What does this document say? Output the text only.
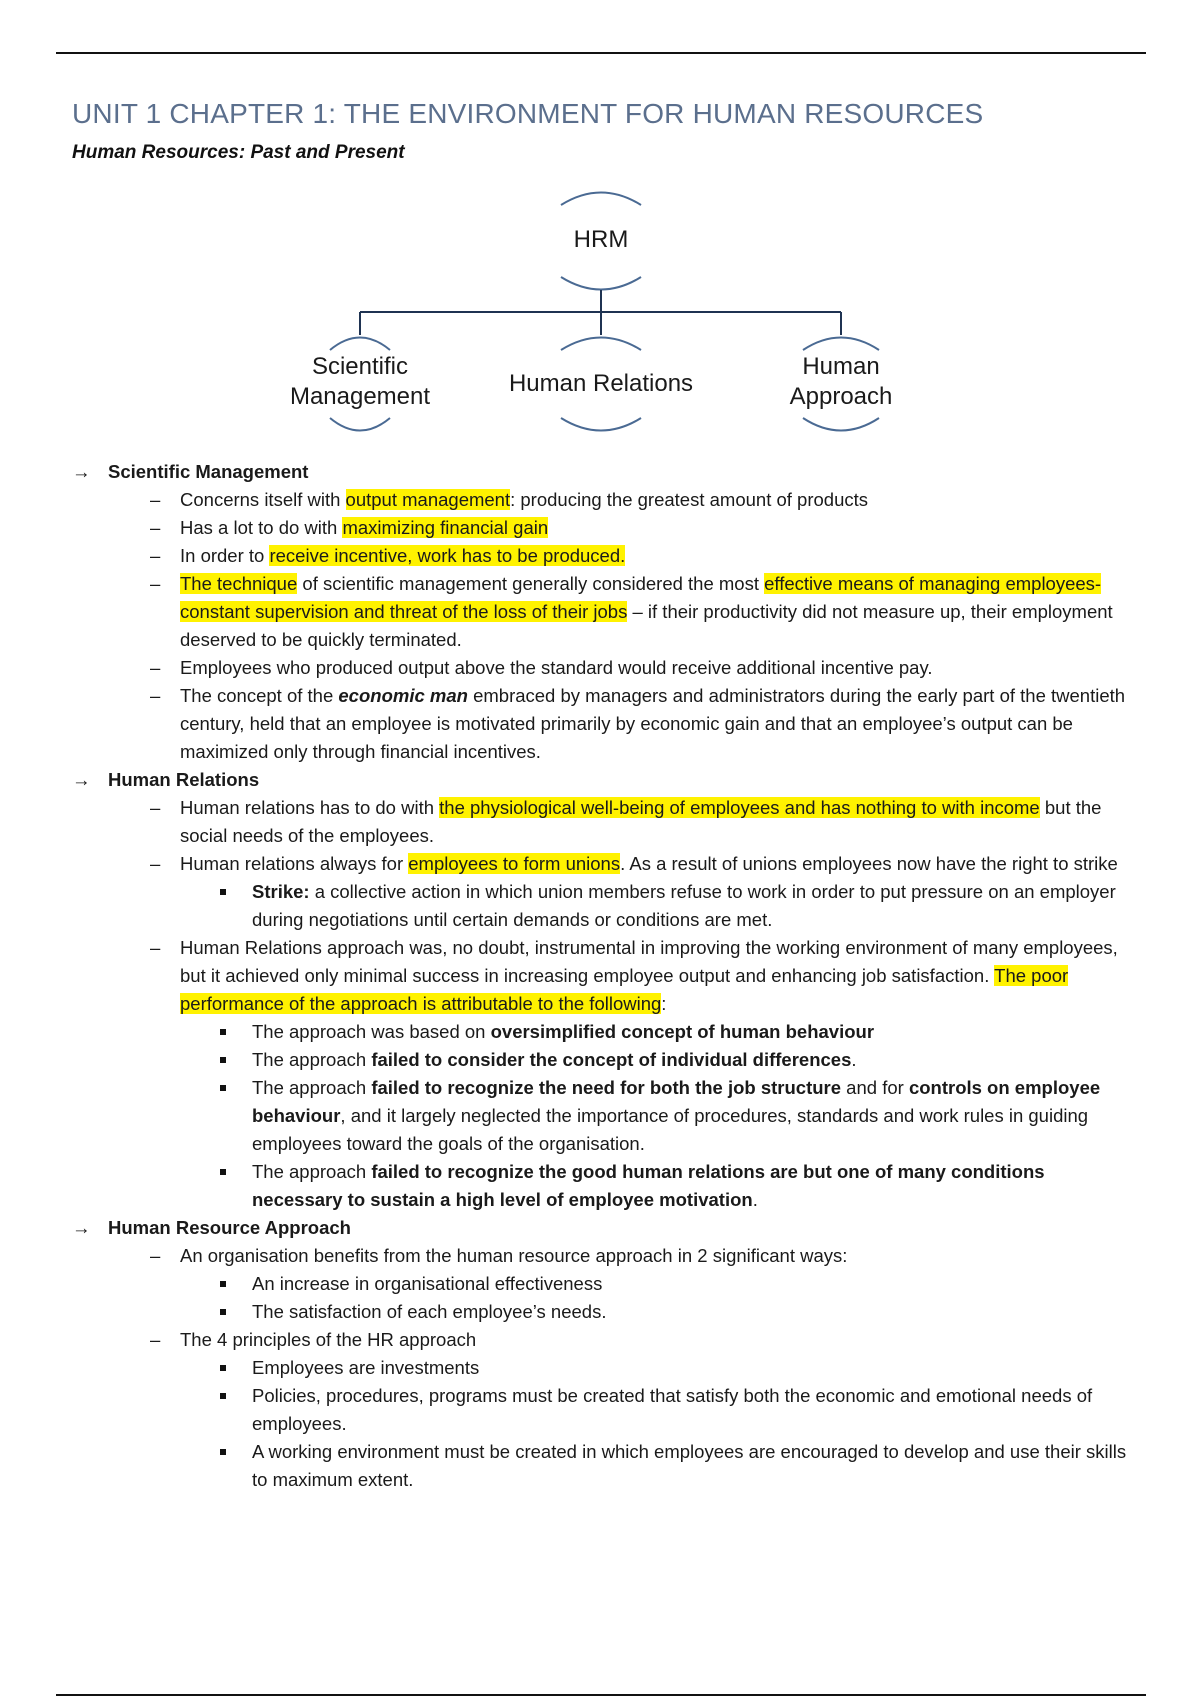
UNIT 1 CHAPTER 1: THE ENVIRONMENT FOR HUMAN RESOURCES
Human Resources: Past and Present
HRM
Scientific
Management	Human Relations
Human
Approach
→ Scientific Management
– Concerns itself with output management: producing the greatest amount of products
– Has a lot to do with maximizing financial gain
– In order to receive incentive, work has to be produced.
– The technique of scientific management generally considered the most effective means of managing employees- constant supervision and threat of the loss of their jobs – if their productivity did not measure up, their employment deserved to be quickly terminated.
– Employees who produced output above the standard would receive additional incentive pay.
– The concept of the economic man embraced by managers and administrators during the early part of the twentieth century, held that an employee is motivated primarily by economic gain and that an employee’s output can be maximized only through financial incentives.
→ Human Relations
– Human relations has to do with the physiological well-being of employees and has nothing to with income but the social needs of the employees.
– Human relations always for employees to form unions. As a result of unions employees now have the right to strike
Strike: a collective action in which union members refuse to work in order to put pressure on an employer during negotiations until certain demands or conditions are met.
– Human Relations approach was, no doubt, instrumental in improving the working environment of many employees, but it achieved only minimal success in increasing employee output and enhancing job satisfaction. The poor performance of the approach is attributable to the following:
The approach was based on oversimplified concept of human behaviour
The approach failed to consider the concept of individual differences.
The approach failed to recognize the need for both the job structure and for controls on employee behaviour, and it largely neglected the importance of procedures, standards and work rules in guiding employees toward the goals of the organisation.
The approach failed to recognize the good human relations are but one of many conditions necessary to sustain a high level of employee motivation.
→ Human Resource Approach
– An organisation benefits from the human resource approach in 2 significant ways:
An increase in organisational effectiveness
The satisfaction of each employee’s needs.
– The 4 principles of the HR approach
Employees are investments
Policies, procedures, programs must be created that satisfy both the economic and emotional needs of employees.
A working environment must be created in which employees are encouraged to develop and use their skills to maximum extent.
